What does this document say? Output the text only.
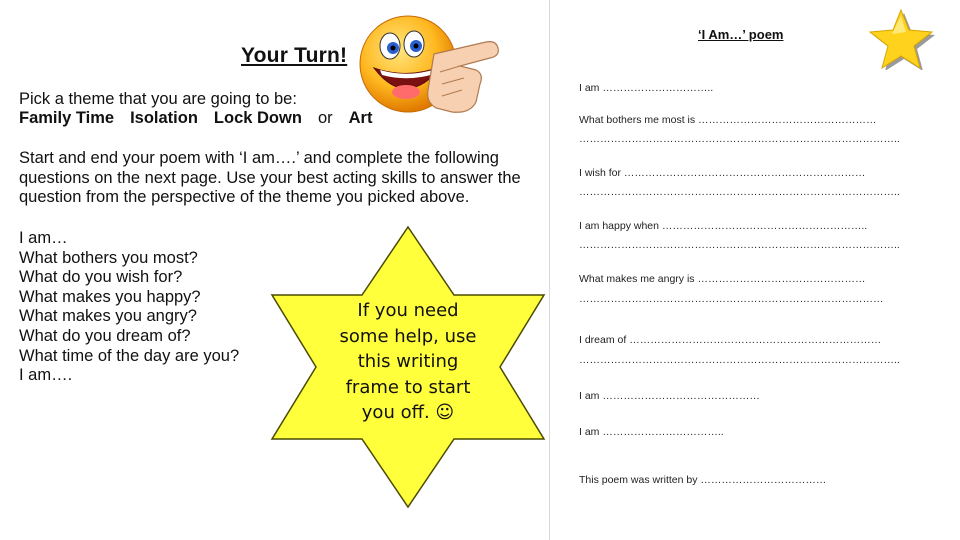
Your Turn!
Pick a theme that you are going to be:
Family Time Isolation Lock Down or Art
Start and end your poem with ‘I am….’ and complete the following questions on the next page. Use your best acting skills to answer the question from the perspective of the theme you picked above.
I am…
What bothers you most?
What do you wish for?
What makes you happy?
What makes you angry?
What do you dream of?
What time of the day are you?
I am….
If you need
some help, use
this writing
frame to start
you off. ☺
‘I Am…’ poem
I am …………………………..
What bothers me most is ……………………………………………
………………………………………………………………………………..
I wish for ……………………………………………………………
………………………………………………………………………………..
I am happy when …………………………………………………..
………………………………………………………………………………..
What makes me angry is …………………………………………
……………………………………………………………………………
I dream of ………………………………………………………………
………………………………………………………………………………..
I am ………………………………………
I am ……………………………..
This poem was written by ………………………………
